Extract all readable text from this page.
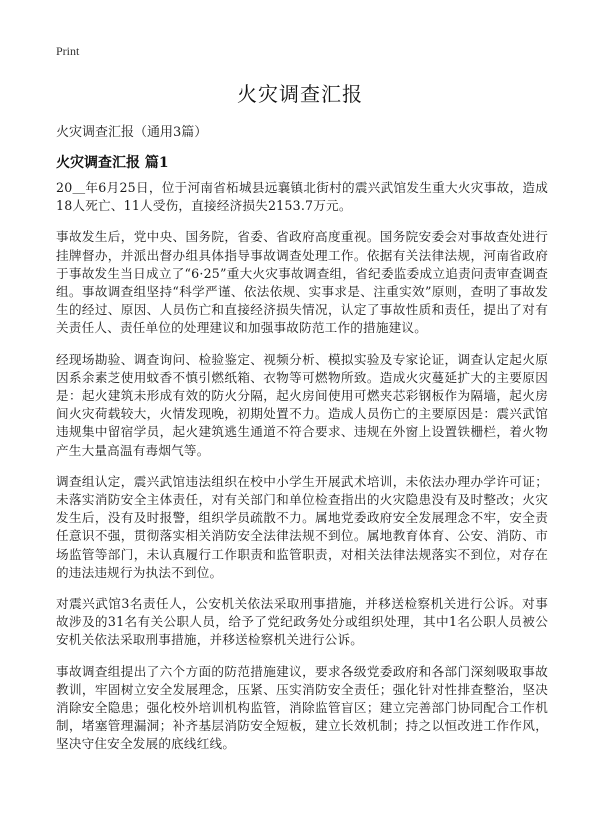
Print
火灾调查汇报
火灾调查汇报（通用3篇）
火灾调查汇报 篇1

20＿年6月25日，位于河南省柘城县远襄镇北街村的震兴武馆发生重大火灾事故，造成18人死亡、11人受伤，直接经济损失2153.7万元。

事故发生后，党中央、国务院，省委、省政府高度重视。国务院安委会对事故查处进行挂牌督办，并派出督办组具体指导事故调查处理工作。依据有关法律法规，河南省政府于事故发生当日成立了“6·25”重大火灾事故调查组，省纪委监委成立追责问责审查调查组。事故调查组坚持“科学严谨、依法依规、实事求是、注重实效”原则，查明了事故发生的经过、原因、人员伤亡和直接经济损失情况，认定了事故性质和责任，提出了对有关责任人、责任单位的处理建议和加强事故防范工作的措施建议。

经现场勘验、调查询问、检验鉴定、视频分析、模拟实验及专家论证，调查认定起火原因系余素芝使用蚊香不慎引燃纸箱、衣物等可燃物所致。造成火灾蔓延扩大的主要原因是：起火建筑未形成有效的防火分隔，起火房间使用可燃夹芯彩钢板作为隔墙，起火房间火灾荷载较大，火情发现晚，初期处置不力。造成人员伤亡的主要原因是：震兴武馆违规集中留宿学员，起火建筑逃生通道不符合要求、违规在外窗上设置铁栅栏，着火物产生大量高温有毒烟气等。

调查组认定，震兴武馆违法组织在校中小学生开展武术培训，未依法办理办学许可证；未落实消防安全主体责任，对有关部门和单位检查指出的火灾隐患没有及时整改；火灾发生后，没有及时报警，组织学员疏散不力。属地党委政府安全发展理念不牢，安全责任意识不强，贯彻落实相关消防安全法律法规不到位。属地教育体育、公安、消防、市场监管等部门，未认真履行工作职责和监管职责，对相关法律法规落实不到位，对存在的违法违规行为执法不到位。

对震兴武馆3名责任人，公安机关依法采取刑事措施，并移送检察机关进行公诉。对事故涉及的31名有关公职人员，给予了党纪政务处分或组织处理，其中1名公职人员被公安机关依法采取刑事措施，并移送检察机关进行公诉。

事故调查组提出了六个方面的防范措施建议，要求各级党委政府和各部门深刻吸取事故教训，牢固树立安全发展理念，压紧、压实消防安全责任；强化针对性排查整治，坚决消除安全隐患；强化校外培训机构监管，消除监管盲区；建立完善部门协同配合工作机制，堵塞管理漏洞；补齐基层消防安全短板，建立长效机制；持之以恒改进工作作风，坚决守住安全发展的底线红线。
